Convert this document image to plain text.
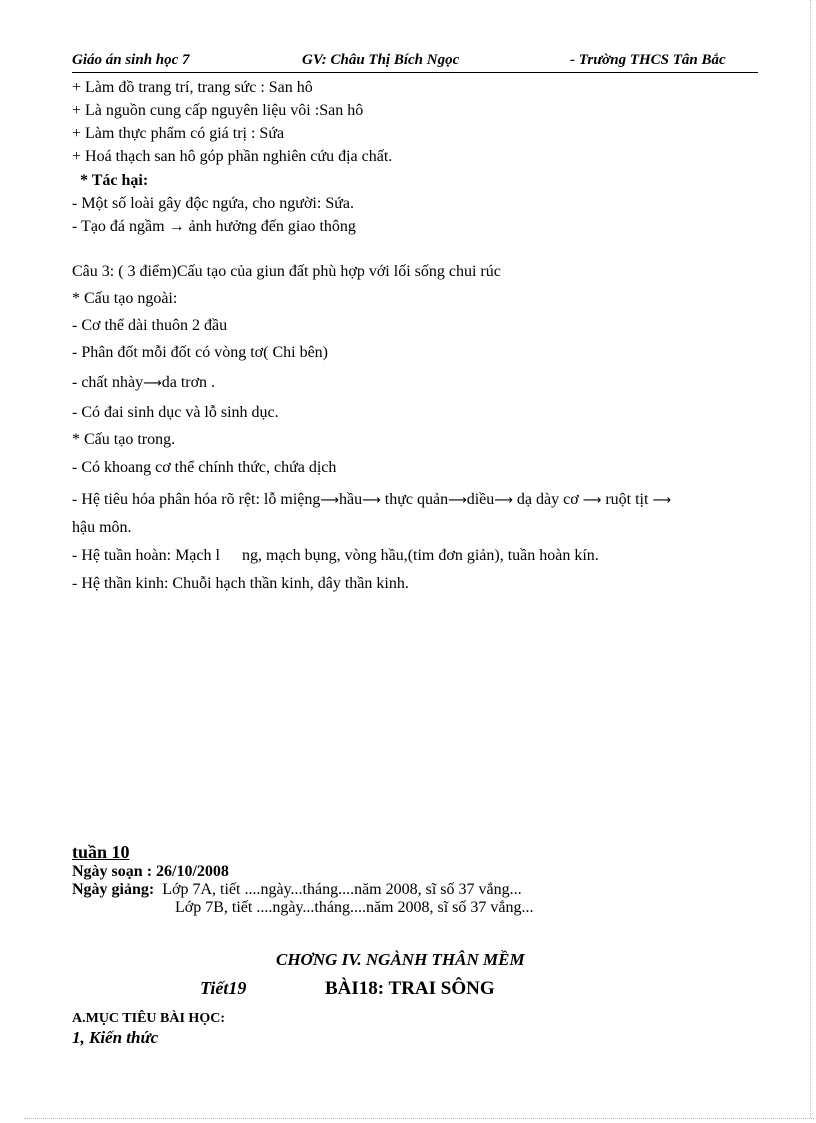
Giáo án sinh học 7	GV: Châu Thị Bích Ngọc	- Trường THCS Tân Bắc
+ Làm đồ trang trí, trang sức : San hô
+ Là nguồn cung cấp nguyên liệu vôi :San hô
+ Làm thực phẩm có giá trị : Sứa
+ Hoá thạch san hô góp phần nghiên cứu địa chất.
* Tác hại:
- Một số loài gây độc ngứa, cho người: Sứa.
- Tạo đá ngầm → ảnh hưởng đến giao thông
Câu 3: ( 3 điểm)Cấu tạo của giun đất phù hợp với lối sống chui rúc
* Cấu tạo ngoài:
- Cơ thể dài thuôn 2 đầu
- Phân đốt mỗi đốt có vòng tơ( Chi bên)
- chất nhày⟶da trơn .
- Có đai sinh dục và lỗ sinh dục.
* Cấu tạo trong.
- Có khoang cơ thể chính thức, chứa dịch
- Hệ tiêu hóa phân hóa rõ rệt: lỗ miệng⟶hầu⟶ thực quản⟶diều⟶ dạ dày cơ ⟶ ruột tịt ⟶
hậu môn.
- Hệ tuần hoàn: Mạch l ng, mạch bụng, vòng hầu,(tim đơn giản), tuần hoàn kín.
- Hệ thần kinh: Chuỗi hạch thần kinh, dây thần kinh.
tuần 10
Ngày soạn : 26/10/2008
Ngày giảng: Lớp 7A, tiết ....ngày...tháng....năm 2008, sĩ số 37 vắng...
Lớp 7B, tiết ....ngày...tháng....năm 2008, sĩ số 37 vắng...
CHƠNG IV. NGÀNH THÂN MỀM
Tiết19	BÀI18: TRAI SÔNG
A.MỤC TIÊU BÀI HỌC:
1, Kiến thức
